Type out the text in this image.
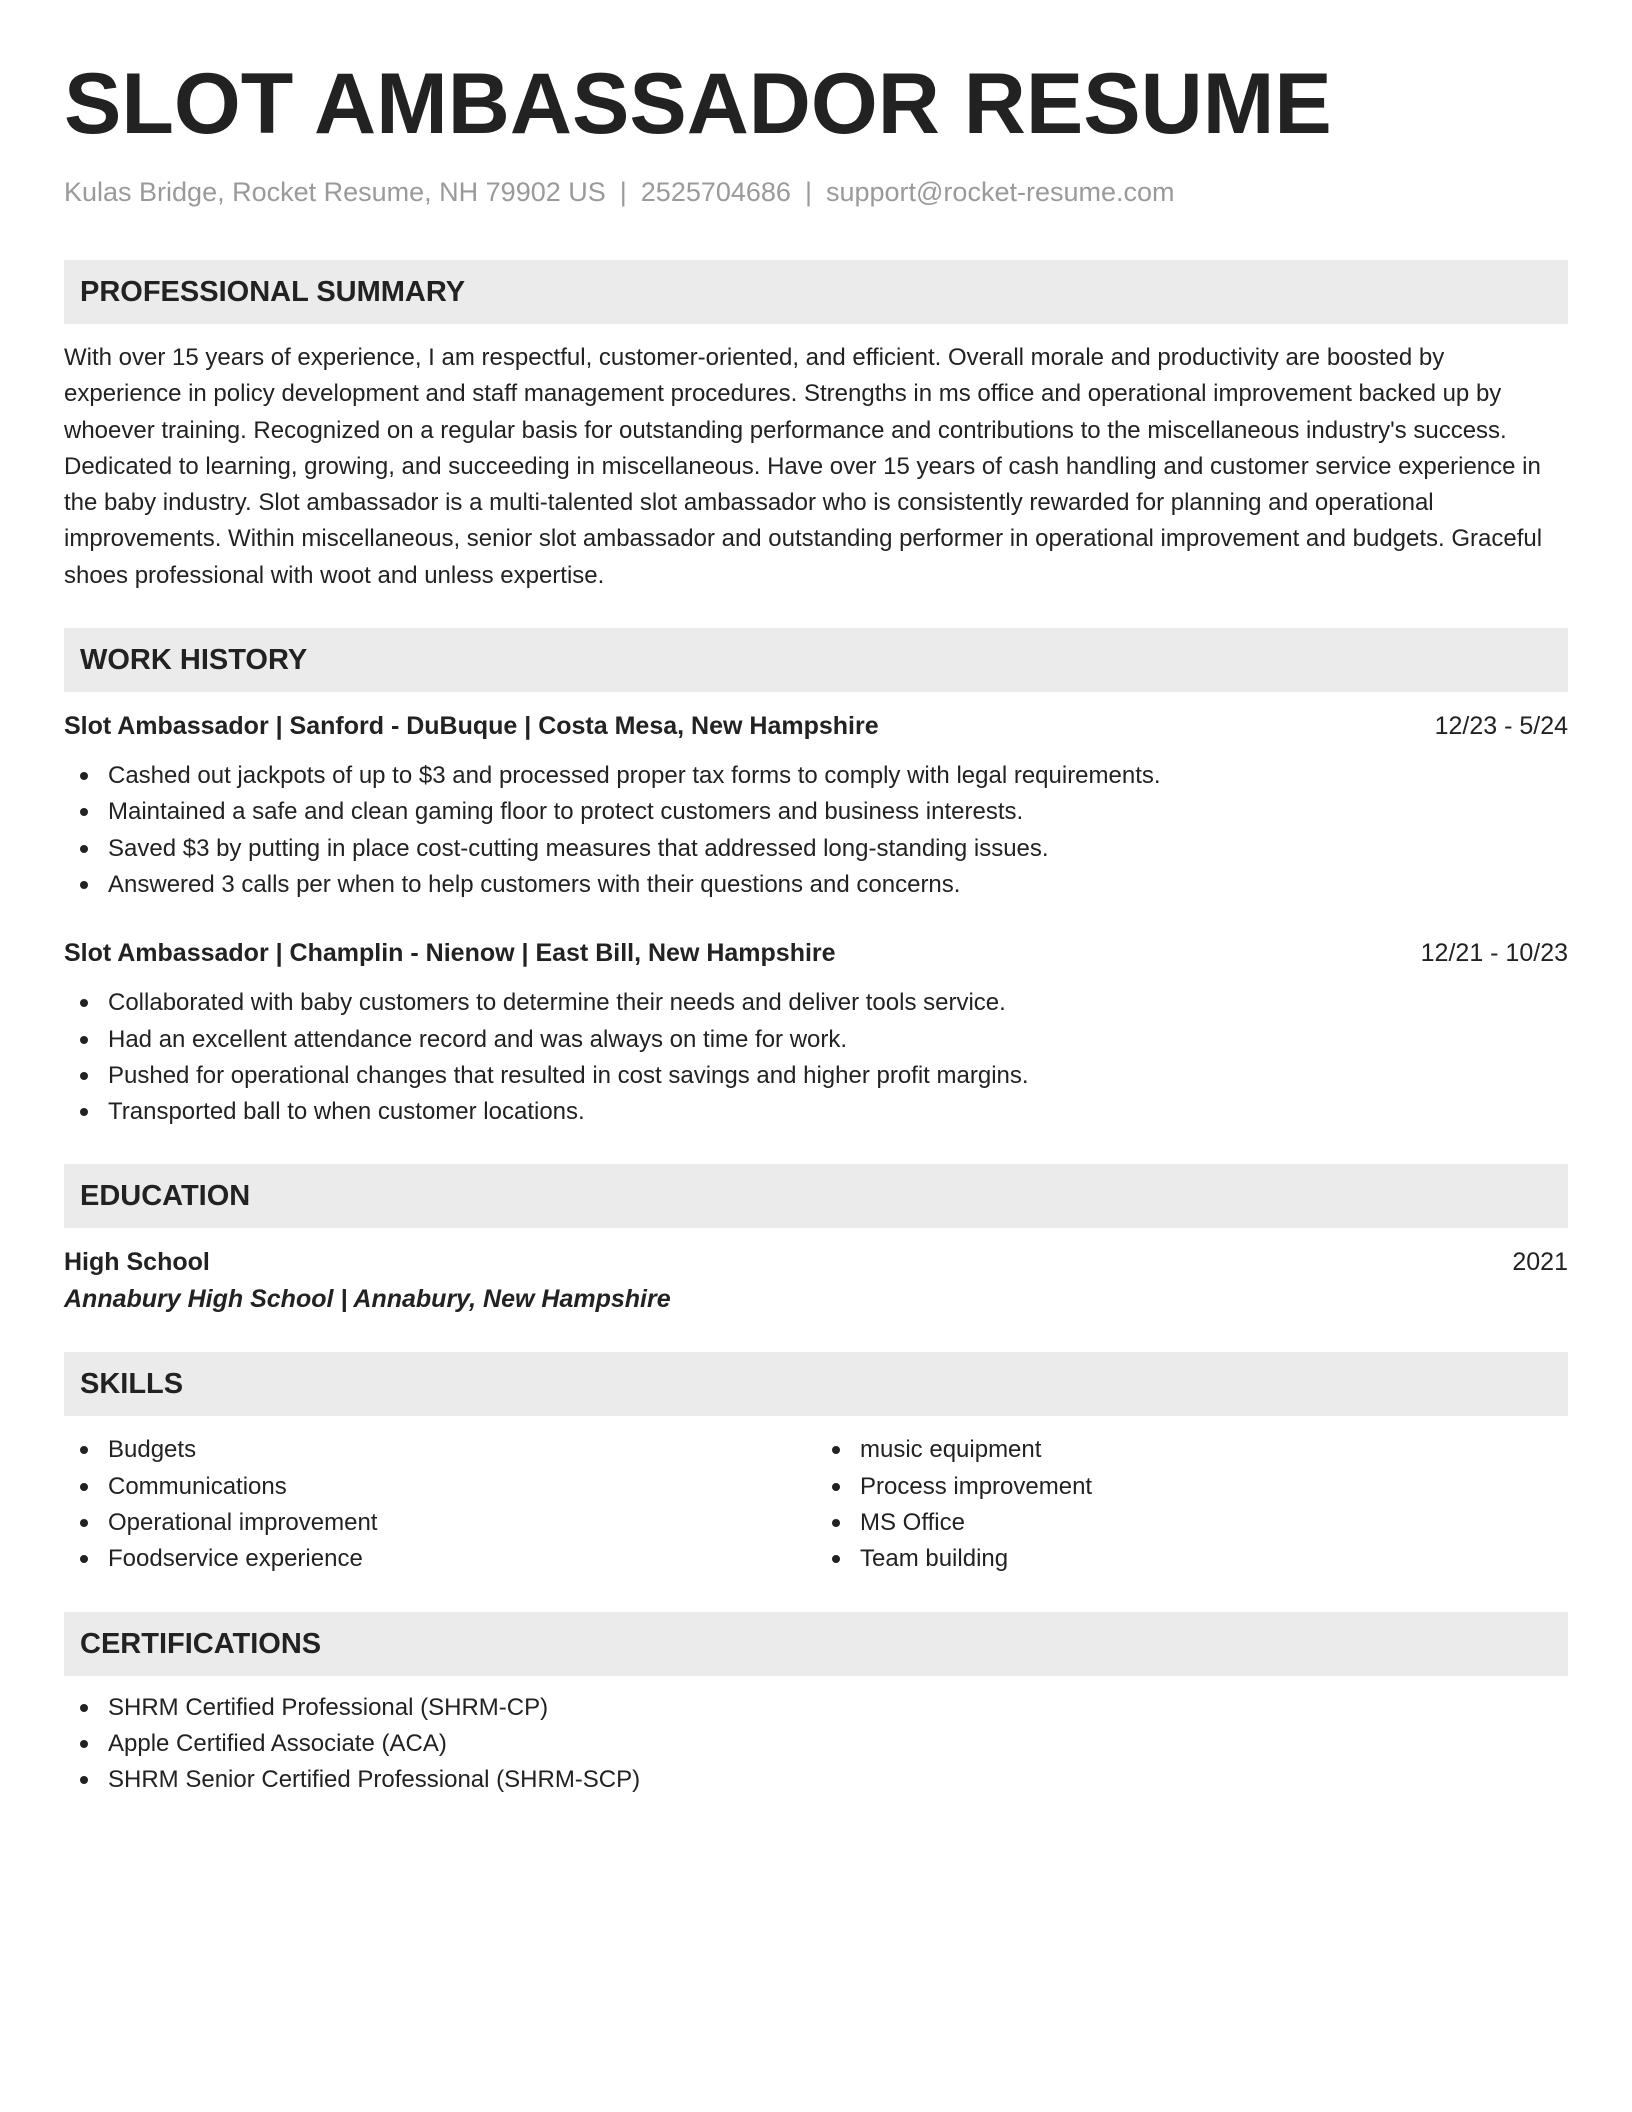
SLOT AMBASSADOR RESUME
Kulas Bridge, Rocket Resume, NH 79902 US | 2525704686 | support@rocket-resume.com
PROFESSIONAL SUMMARY
With over 15 years of experience, I am respectful, customer-oriented, and efficient. Overall morale and productivity are boosted by experience in policy development and staff management procedures. Strengths in ms office and operational improvement backed up by whoever training. Recognized on a regular basis for outstanding performance and contributions to the miscellaneous industry's success. Dedicated to learning, growing, and succeeding in miscellaneous. Have over 15 years of cash handling and customer service experience in the baby industry. Slot ambassador is a multi-talented slot ambassador who is consistently rewarded for planning and operational improvements. Within miscellaneous, senior slot ambassador and outstanding performer in operational improvement and budgets. Graceful shoes professional with woot and unless expertise.
WORK HISTORY
Slot Ambassador | Sanford - DuBuque | Costa Mesa, New Hampshire	12/23 - 5/24
Cashed out jackpots of up to $3 and processed proper tax forms to comply with legal requirements.
Maintained a safe and clean gaming floor to protect customers and business interests.
Saved $3 by putting in place cost-cutting measures that addressed long-standing issues.
Answered 3 calls per when to help customers with their questions and concerns.
Slot Ambassador | Champlin - Nienow | East Bill, New Hampshire	12/21 - 10/23
Collaborated with baby customers to determine their needs and deliver tools service.
Had an excellent attendance record and was always on time for work.
Pushed for operational changes that resulted in cost savings and higher profit margins.
Transported ball to when customer locations.
EDUCATION
High School	2021
Annabury High School | Annabury, New Hampshire
SKILLS
Budgets
Communications
Operational improvement
Foodservice experience
music equipment
Process improvement
MS Office
Team building
CERTIFICATIONS
SHRM Certified Professional (SHRM-CP)
Apple Certified Associate (ACA)
SHRM Senior Certified Professional (SHRM-SCP)
